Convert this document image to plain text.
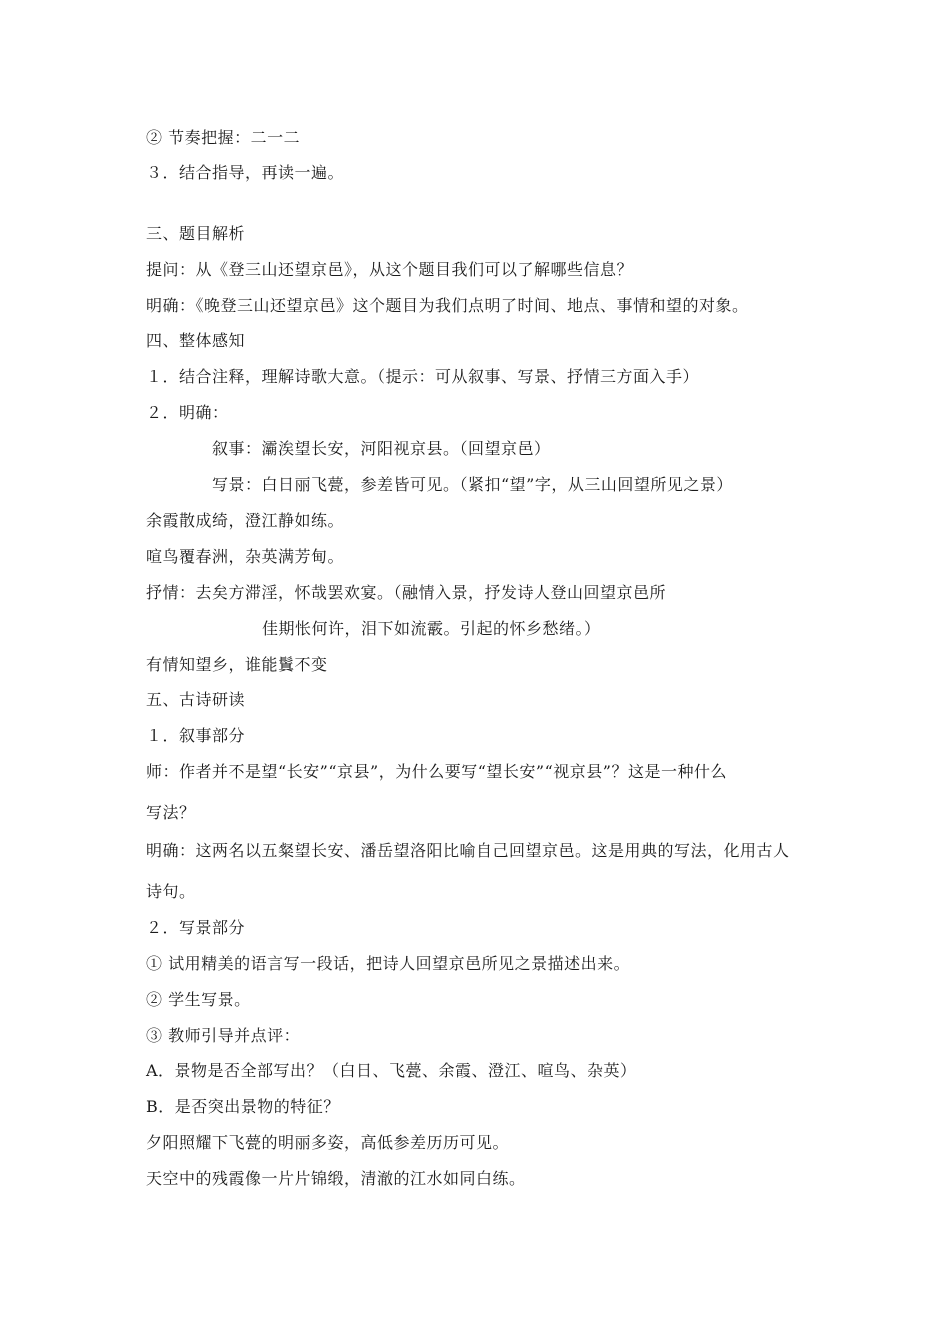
② 节奏把握：二一二
３．结合指导，再读一遍。
三、题目解析
提问：从《登三山还望京邑》，从这个题目我们可以了解哪些信息？
明确：《晚登三山还望京邑》这个题目为我们点明了时间、地点、事情和望的对象。
四、整体感知
１．结合注释，理解诗歌大意。（提示：可从叙事、写景、抒情三方面入手）
２．明确：
叙事：灞涘望长安，河阳视京县。（回望京邑）
写景：白日丽飞甍，参差皆可见。（紧扣“望”字，从三山回望所见之景）
余霞散成绮，澄江静如练。
喧鸟覆春洲，杂英满芳甸。
抒情：去矣方滞淫，怀哉罢欢宴。（融情入景，抒发诗人登山回望京邑所
佳期怅何许，泪下如流霰。引起的怀乡愁绪。）
有情知望乡，谁能鬒不变
五、古诗研读
１．叙事部分
师：作者并不是望“长安”“京县”，为什么要写“望长安”“视京县”？这是一种什么
写法？
明确：这两名以五粲望长安、潘岳望洛阳比喻自己回望京邑。这是用典的写法，化用古人
诗句。
２．写景部分
① 试用精美的语言写一段话，把诗人回望京邑所见之景描述出来。
② 学生写景。
③ 教师引导并点评：
A．景物是否全部写出？（白日、飞甍、余霞、澄江、喧鸟、杂英）
B．是否突出景物的特征？
夕阳照耀下飞甍的明丽多姿，高低参差历历可见。
天空中的残霞像一片片锦缎，清澈的江水如同白练。
